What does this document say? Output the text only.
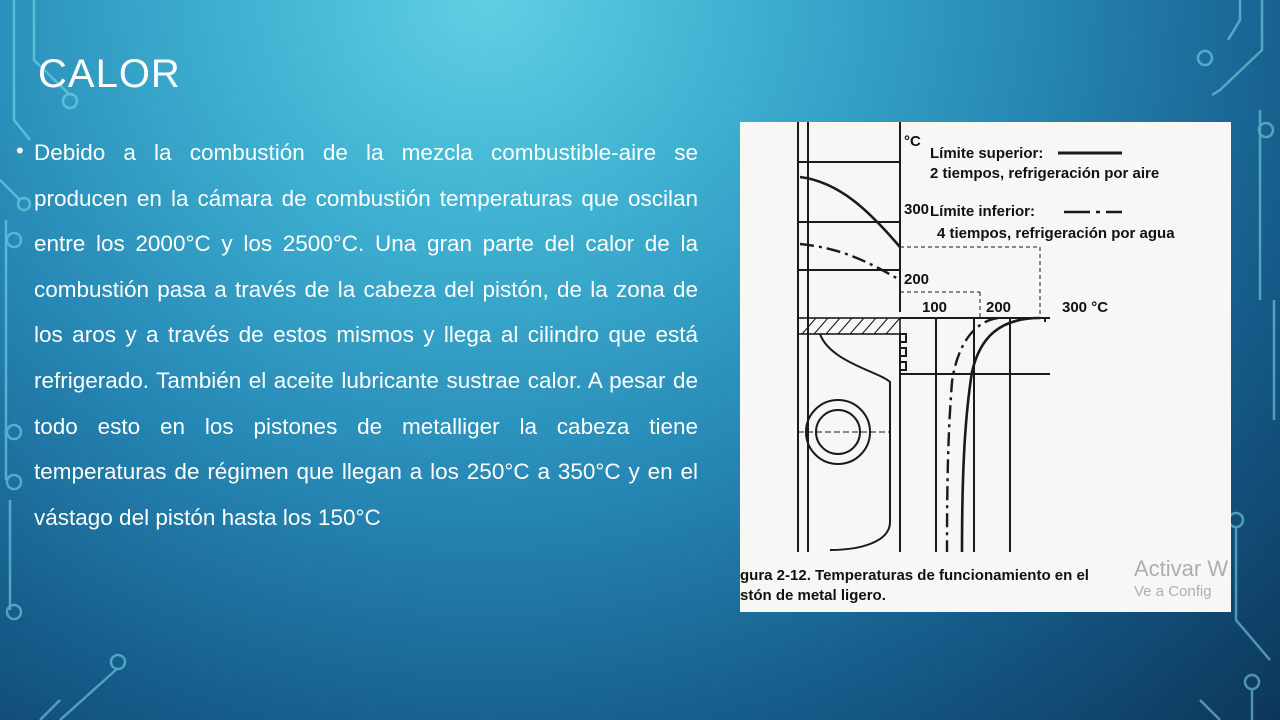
CALOR
• Debido a la combustión de la mezcla combustible-aire se producen en la cámara de combustión temperaturas que oscilan entre los 2000°C y los 2500°C. Una gran parte del calor de la combustión pasa a través de la cabeza del pistón, de la zona de los aros y a través de estos mismos y llega al cilindro que está refrigerado. También el aceite lubricante sustrae calor. A pesar de todo esto en los pistones de metalliger la cabeza tiene temperaturas de régimen que llegan a los 250°C a 350°C y en el vástago del pistón hasta los 150°C

°C
300
200
100	200	300 °C
Límite superior:
2 tiempos, refrigeración por aire
Límite inferior:
4 tiempos, refrigeración por agua
gura 2-12. Temperaturas de funcionamiento en el
stón de metal ligero.
Activar W
Ve a Config
